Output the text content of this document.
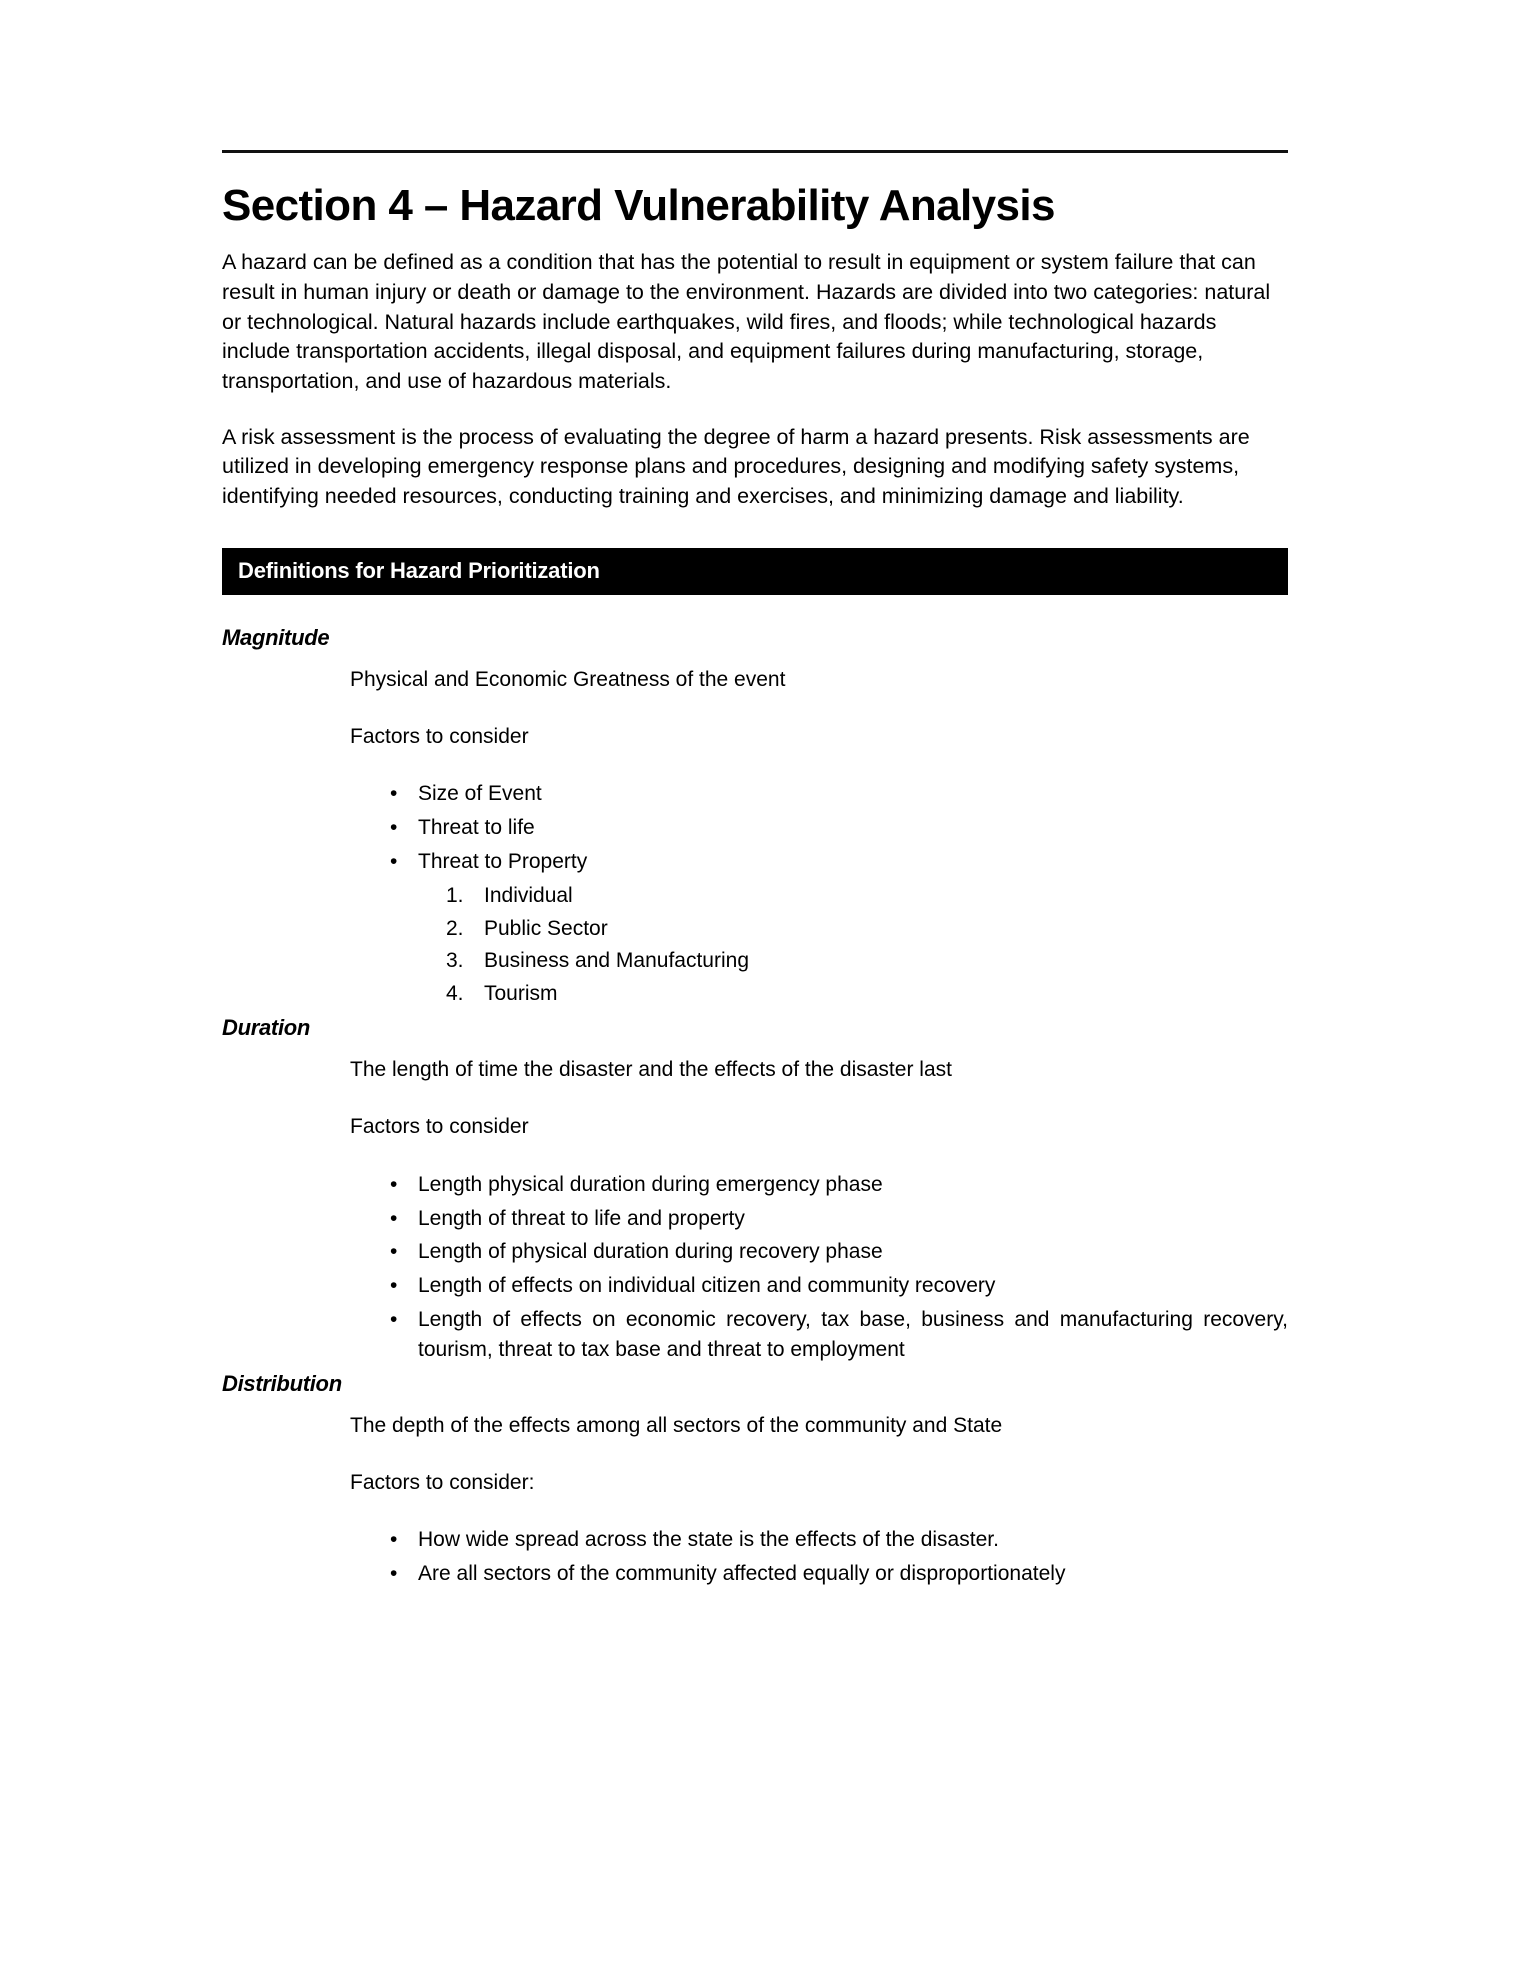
Section 4 – Hazard Vulnerability Analysis

A hazard can be defined as a condition that has the potential to result in equipment or system failure that can result in human injury or death or damage to the environment. Hazards are divided into two categories: natural or technological. Natural hazards include earthquakes, wild fires, and floods; while technological hazards include transportation accidents, illegal disposal, and equipment failures during manufacturing, storage, transportation, and use of hazardous materials.

A risk assessment is the process of evaluating the degree of harm a hazard presents. Risk assessments are utilized in developing emergency response plans and procedures, designing and modifying safety systems, identifying needed resources, conducting training and exercises, and minimizing damage and liability.

Definitions for Hazard Prioritization
Magnitude

Physical and Economic Greatness of the event

Factors to consider

• Size of Event
• Threat to life
• Threat to Property
1. Individual
2. Public Sector
3. Business and Manufacturing
4. Tourism
Duration

The length of time the disaster and the effects of the disaster last

Factors to consider

• Length physical duration during emergency phase
• Length of threat to life and property
• Length of physical duration during recovery phase
• Length of effects on individual citizen and community recovery
• Length of effects on economic recovery, tax base, business and manufacturing recovery, tourism, threat to tax base and threat to employment
Distribution

The depth of the effects among all sectors of the community and State

Factors to consider:

• How wide spread across the state is the effects of the disaster.
• Are all sectors of the community affected equally or disproportionately
